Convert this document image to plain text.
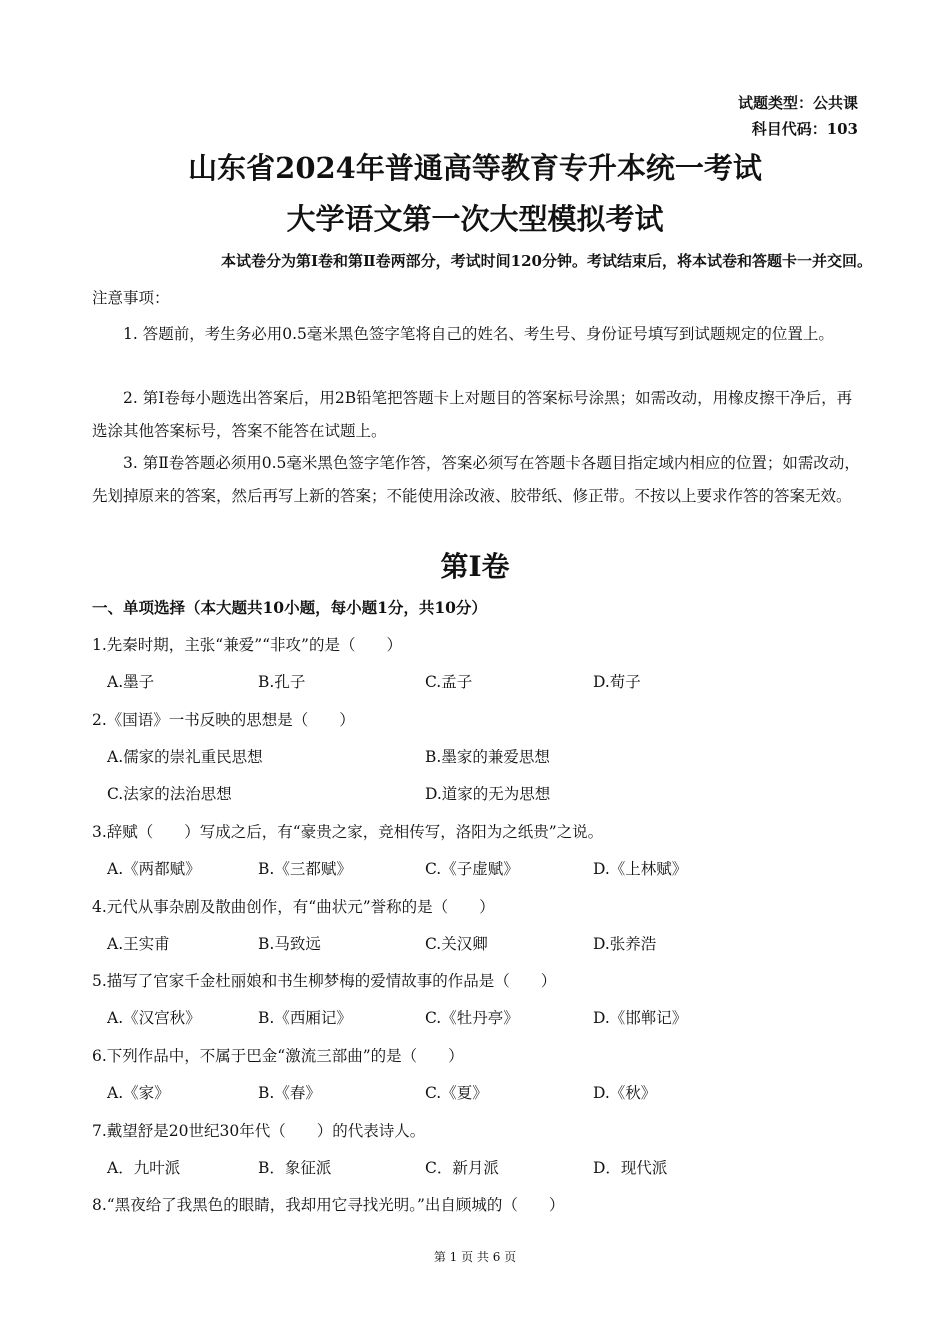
试题类型：公共课
科目代码：103
山东省2024年普通高等教育专升本统一考试
大学语文第一次大型模拟考试
本试卷分为第Ⅰ卷和第Ⅱ卷两部分，考试时间120分钟。考试结束后，将本试卷和答题卡一并交回。
注意事项：
1. 答题前，考生务必用0.5毫米黑色签字笔将自己的姓名、考生号、身份证号填写到试题规定的位置上。
2. 第Ⅰ卷每小题选出答案后，用2B铅笔把答题卡上对题目的答案标号涂黑；如需改动，用橡皮擦干净后，再选涂其他答案标号，答案不能答在试题上。
3. 第Ⅱ卷答题必须用0.5毫米黑色签字笔作答，答案必须写在答题卡各题目指定域内相应的位置；如需改动，先划掉原来的答案，然后再写上新的答案；不能使用涂改液、胶带纸、修正带。不按以上要求作答的答案无效。
第Ⅰ卷
一、单项选择（本大题共10小题，每小题1分，共10分）
1.先秦时期，主张“兼爱”“非攻”的是（　　）
A.墨子	B.孔子	C.孟子	D.荀子
2.《国语》一书反映的思想是（　　）
A.儒家的崇礼重民思想	B.墨家的兼爱思想
C.法家的法治思想	D.道家的无为思想
3.辞赋（　　）写成之后，有“豪贵之家，竞相传写，洛阳为之纸贵”之说。
A.《两都赋》	B.《三都赋》	C.《子虚赋》	D.《上林赋》
4.元代从事杂剧及散曲创作，有“曲状元”誉称的是（　　）
A.王实甫	B.马致远	C.关汉卿	D.张养浩
5.描写了官家千金杜丽娘和书生柳梦梅的爱情故事的作品是（　　）
A.《汉宫秋》	B.《西厢记》	C.《牡丹亭》	D.《邯郸记》
6.下列作品中，不属于巴金“激流三部曲”的是（　　）
A.《家》	B.《春》	C.《夏》	D.《秋》
7.戴望舒是20世纪30年代（　　）的代表诗人。
A．九叶派	B．象征派	C．新月派	D．现代派
8.“黑夜给了我黑色的眼睛，我却用它寻找光明。”出自顾城的（　　）
第 1 页 共 6 页
